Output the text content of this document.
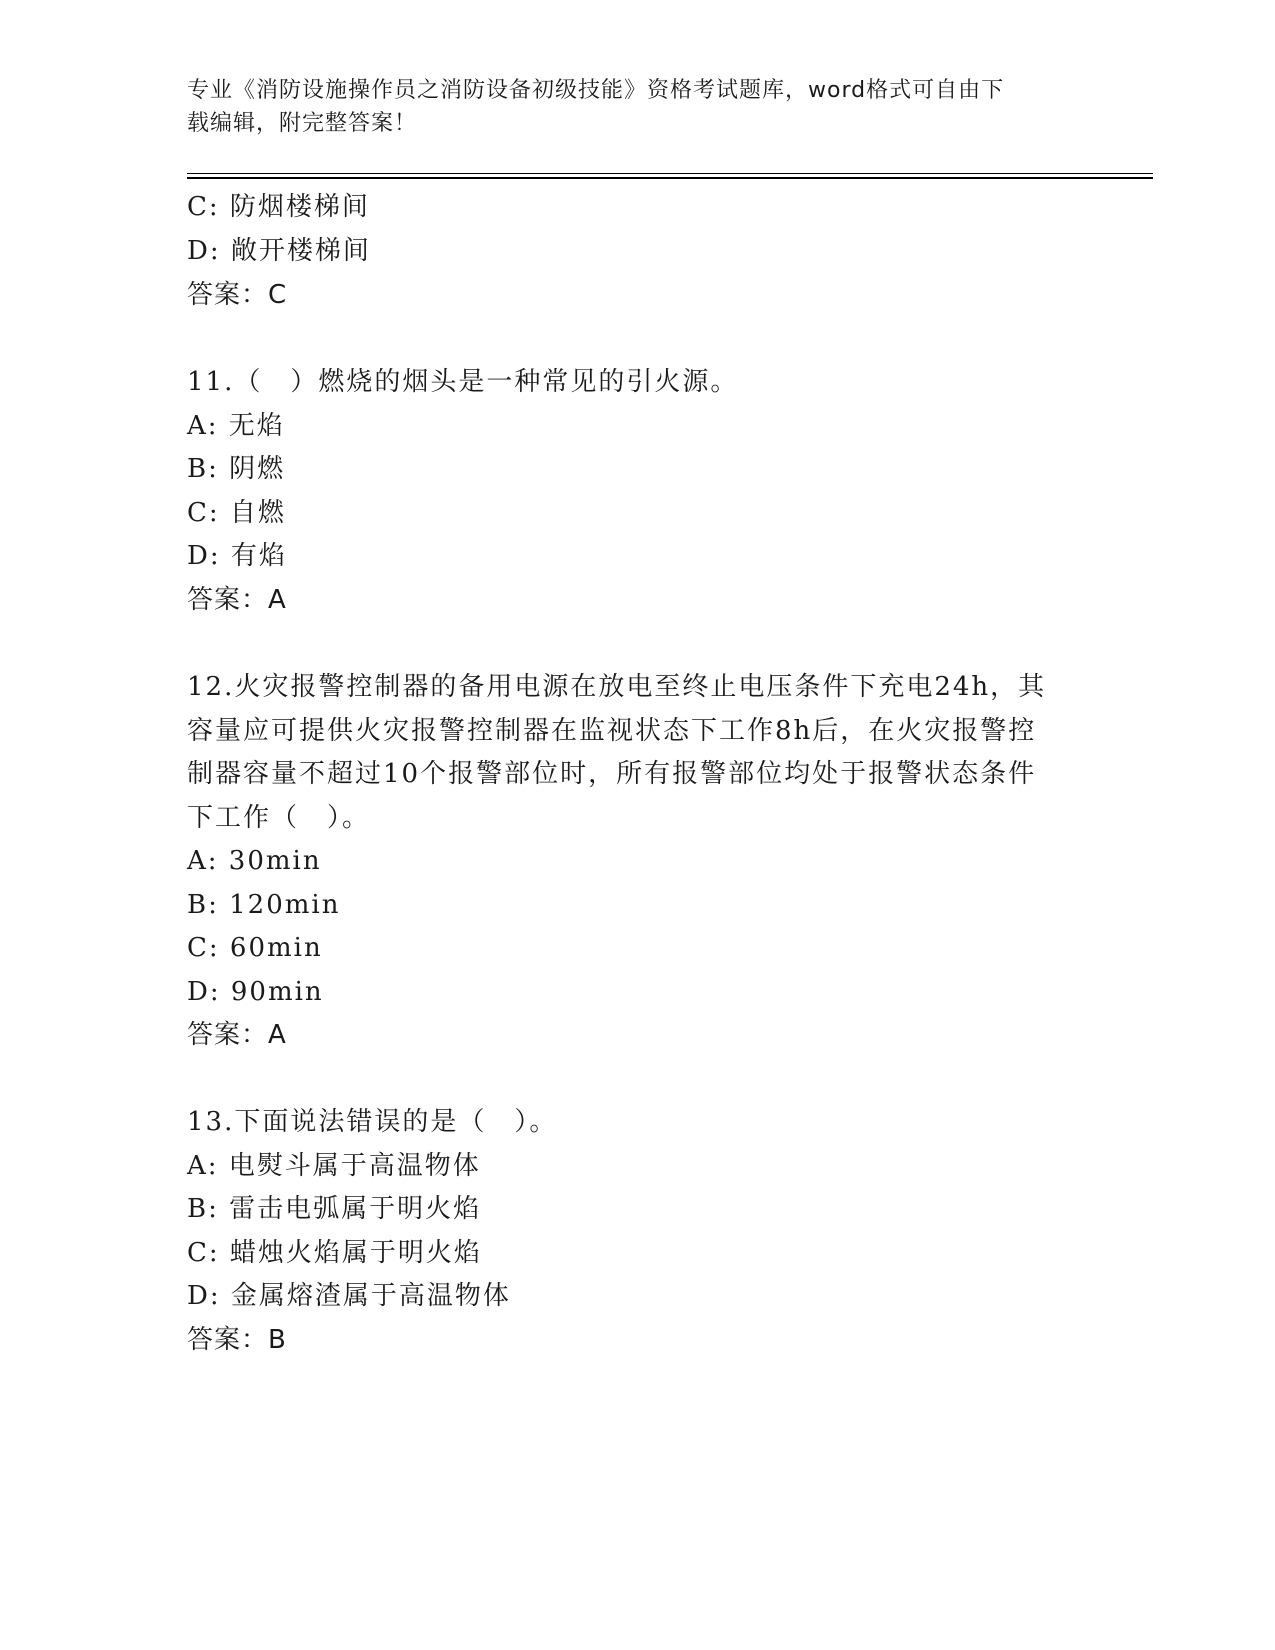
专业《消防设施操作员之消防设备初级技能》资格考试题库，word格式可自由下
载编辑，附完整答案！
C: 防烟楼梯间
D: 敞开楼梯间
答案：C
11.（　）燃烧的烟头是一种常见的引火源。
A: 无焰
B: 阴燃
C: 自燃
D: 有焰
答案：A
12.火灾报警控制器的备用电源在放电至终止电压条件下充电24h，其
容量应可提供火灾报警控制器在监视状态下工作8h后，在火灾报警控
制器容量不超过10个报警部位时，所有报警部位均处于报警状态条件
下工作（　）。
A: 30min
B: 120min
C: 60min
D: 90min
答案：A
13.下面说法错误的是（　）。
A: 电熨斗属于高温物体
B: 雷击电弧属于明火焰
C: 蜡烛火焰属于明火焰
D: 金属熔渣属于高温物体
答案：B
